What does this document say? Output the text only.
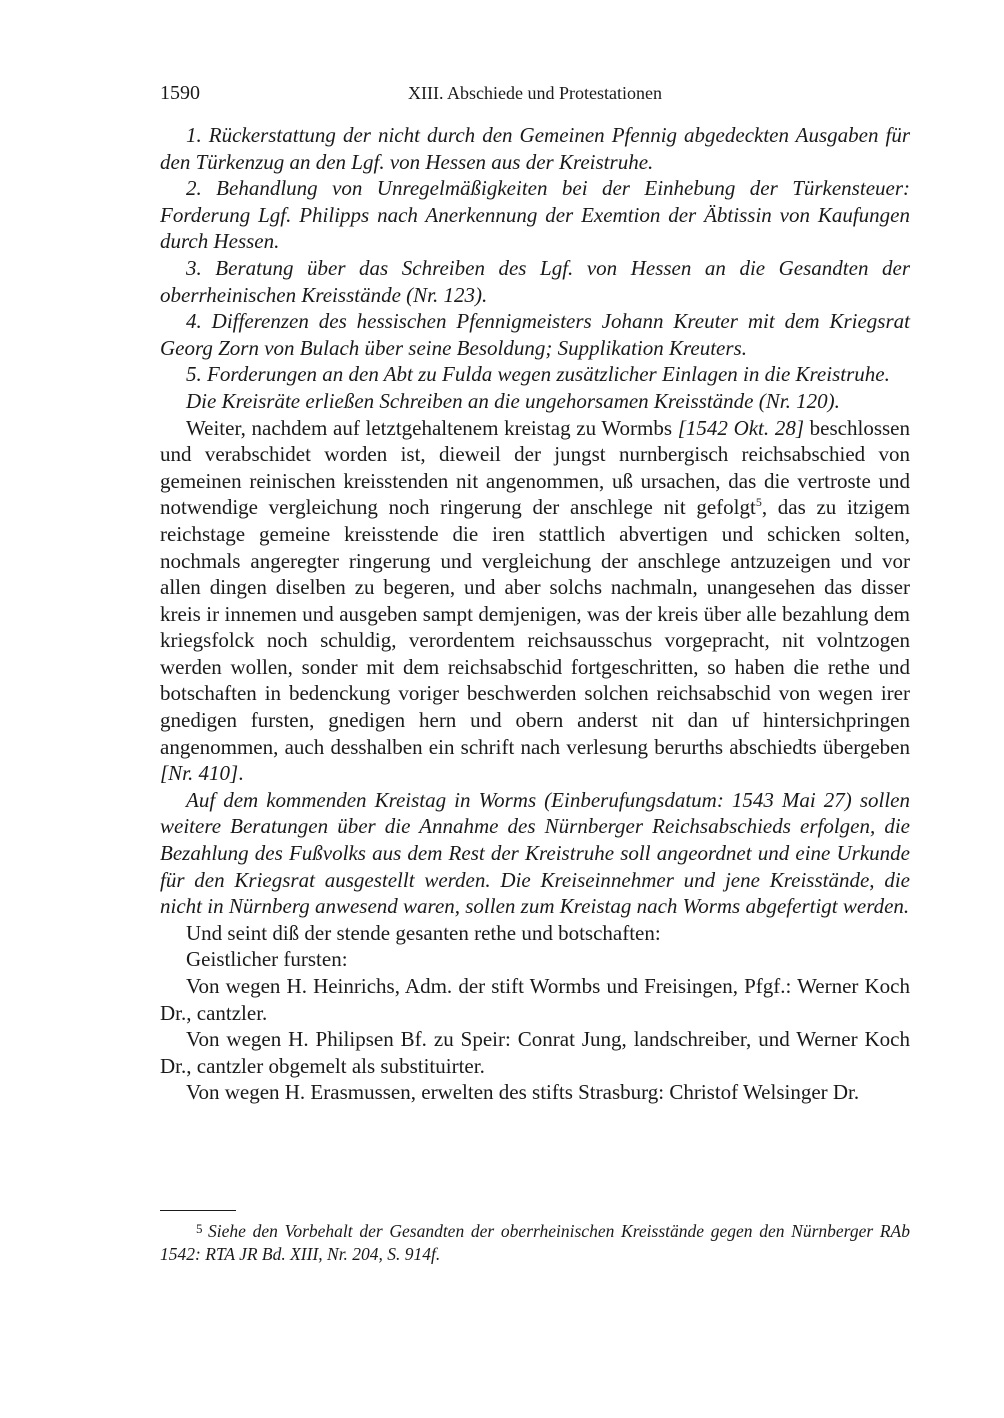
1590	XIII. Abschiede und Protestationen

1. Rückerstattung der nicht durch den Gemeinen Pfennig abgedeckten Ausgaben für den Türkenzug an den Lgf. von Hessen aus der Kreistruhe.

2. Behandlung von Unregelmäßigkeiten bei der Einhebung der Türkensteuer: Forderung Lgf. Philipps nach Anerkennung der Exemtion der Äbtissin von Kaufungen durch Hessen.

3. Beratung über das Schreiben des Lgf. von Hessen an die Gesandten der oberrheinischen Kreisstände (Nr. 123).

4. Differenzen des hessischen Pfennigmeisters Johann Kreuter mit dem Kriegsrat Georg Zorn von Bulach über seine Besoldung; Supplikation Kreuters.

5. Forderungen an den Abt zu Fulda wegen zusätzlicher Einlagen in die Kreistruhe.

Die Kreisräte erließen Schreiben an die ungehorsamen Kreisstände (Nr. 120).

Weiter, nachdem auf letztgehaltenem kreistag zu Wormbs [1542 Okt. 28] beschlossen und verabschidet worden ist, dieweil der jungst nurnbergisch reichsabschied von gemeinen reinischen kreisstenden nit angenommen, uß ursachen, das die vertroste und notwendige vergleichung noch ringerung der anschlege nit gefolgt$^5$, das zu itzigem reichstage gemeine kreisstende die iren stattlich abvertigen und schicken solten, nochmals angeregter ringerung und vergleichung der anschlege antzuzeigen und vor allen dingen diselben zu begeren, und aber solchs nachmaln, unangesehen das disser kreis ir innemen und ausgeben sampt demjenigen, was der kreis über alle bezahlung dem kriegsfolck noch schuldig, verordentem reichsausschus vorgepracht, nit volntzogen werden wollen, sonder mit dem reichsabschid fortgeschritten, so haben die rethe und botschaften in bedenckung voriger beschwerden solchen reichsabschid von wegen irer gnedigen fursten, gnedigen hern und obern anderst nit dan uf hintersichpringen angenommen, auch desshalben ein schrift nach verlesung berurths abschiedts übergeben [Nr. 410].

Auf dem kommenden Kreistag in Worms (Einberufungsdatum: 1543 Mai 27) sollen weitere Beratungen über die Annahme des Nürnberger Reichsabschieds erfolgen, die Bezahlung des Fußvolks aus dem Rest der Kreistruhe soll angeordnet und eine Urkunde für den Kriegsrat ausgestellt werden. Die Kreiseinnehmer und jene Kreisstände, die nicht in Nürnberg anwesend waren, sollen zum Kreistag nach Worms abgefertigt werden.

Und seint diß der stende gesanten rethe und botschaften:

Geistlicher fursten:

Von wegen H. Heinrichs, Adm. der stift Wormbs und Freisingen, Pfgf.: Werner Koch Dr., cantzler.

Von wegen H. Philipsen Bf. zu Speir: Conrat Jung, landschreiber, und Werner Koch Dr., cantzler obgemelt als substituirter.

Von wegen H. Erasmussen, erwelten des stifts Strasburg: Christof Welsinger Dr.

5 Siehe den Vorbehalt der Gesandten der oberrheinischen Kreisstände gegen den Nürnberger RAb 1542: RTA JR Bd. XIII, Nr. 204, S. 914f.
